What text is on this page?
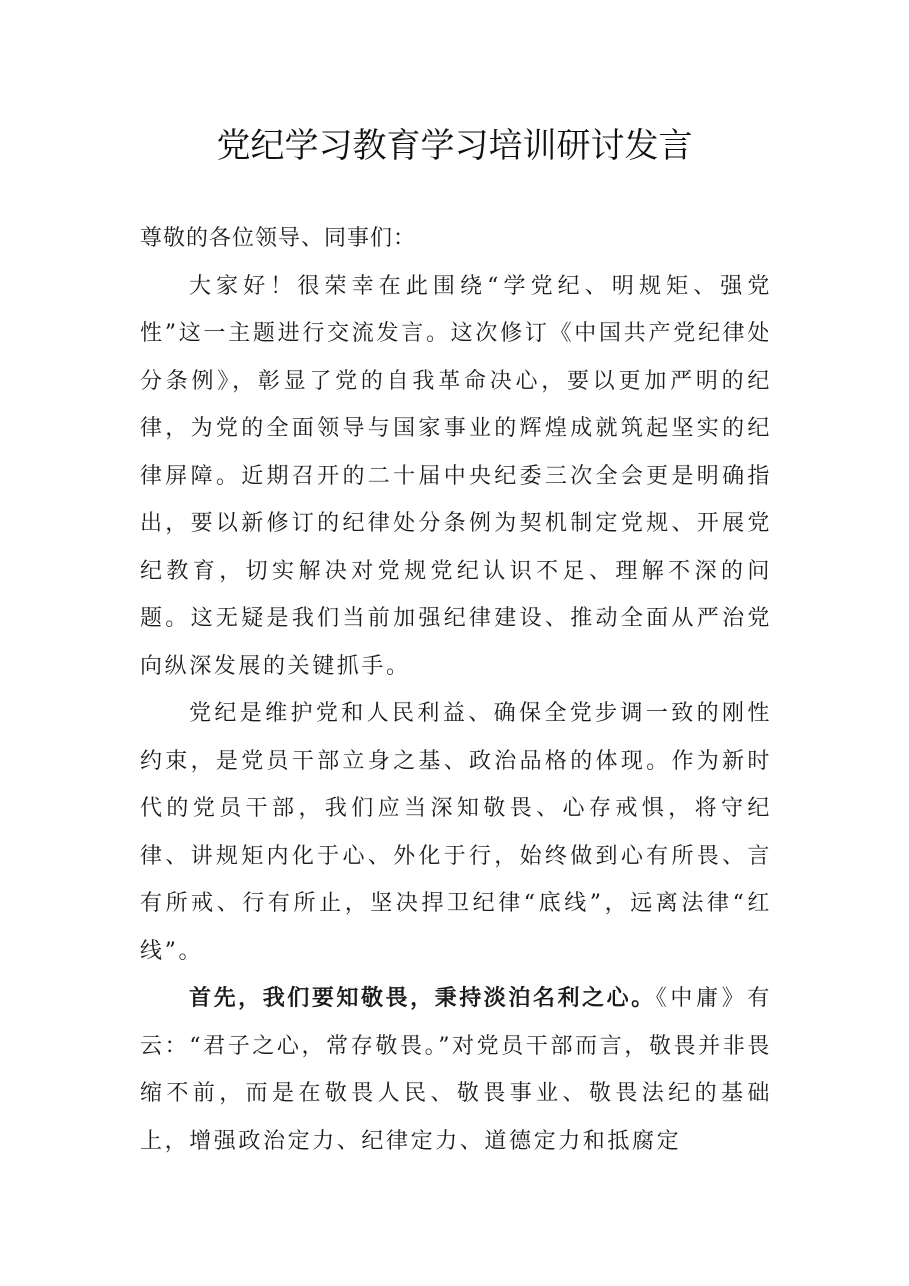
党纪学习教育学习培训研讨发言

尊敬的各位领导、同事们：

大家好！很荣幸在此围绕“学党纪、明规矩、强党性”这一主题进行交流发言。这次修订《中国共产党纪律处分条例》，彰显了党的自我革命决心，要以更加严明的纪律，为党的全面领导与国家事业的辉煌成就筑起坚实的纪律屏障。近期召开的二十届中央纪委三次全会更是明确指出，要以新修订的纪律处分条例为契机制定党规、开展党纪教育，切实解决对党规党纪认识不足、理解不深的问题。这无疑是我们当前加强纪律建设、推动全面从严治党向纵深发展的关键抓手。

党纪是维护党和人民利益、确保全党步调一致的刚性约束，是党员干部立身之基、政治品格的体现。作为新时代的党员干部，我们应当深知敬畏、心存戒惧，将守纪律、讲规矩内化于心、外化于行，始终做到心有所畏、言有所戒、行有所止，坚决捍卫纪律“底线”，远离法律“红线”。

首先，我们要知敬畏，秉持淡泊名利之心。《中庸》有云：“君子之心，常存敬畏。”对党员干部而言，敬畏并非畏缩不前，而是在敬畏人民、敬畏事业、敬畏法纪的基础上，增强政治定力、纪律定力、道德定力和抵腐定
